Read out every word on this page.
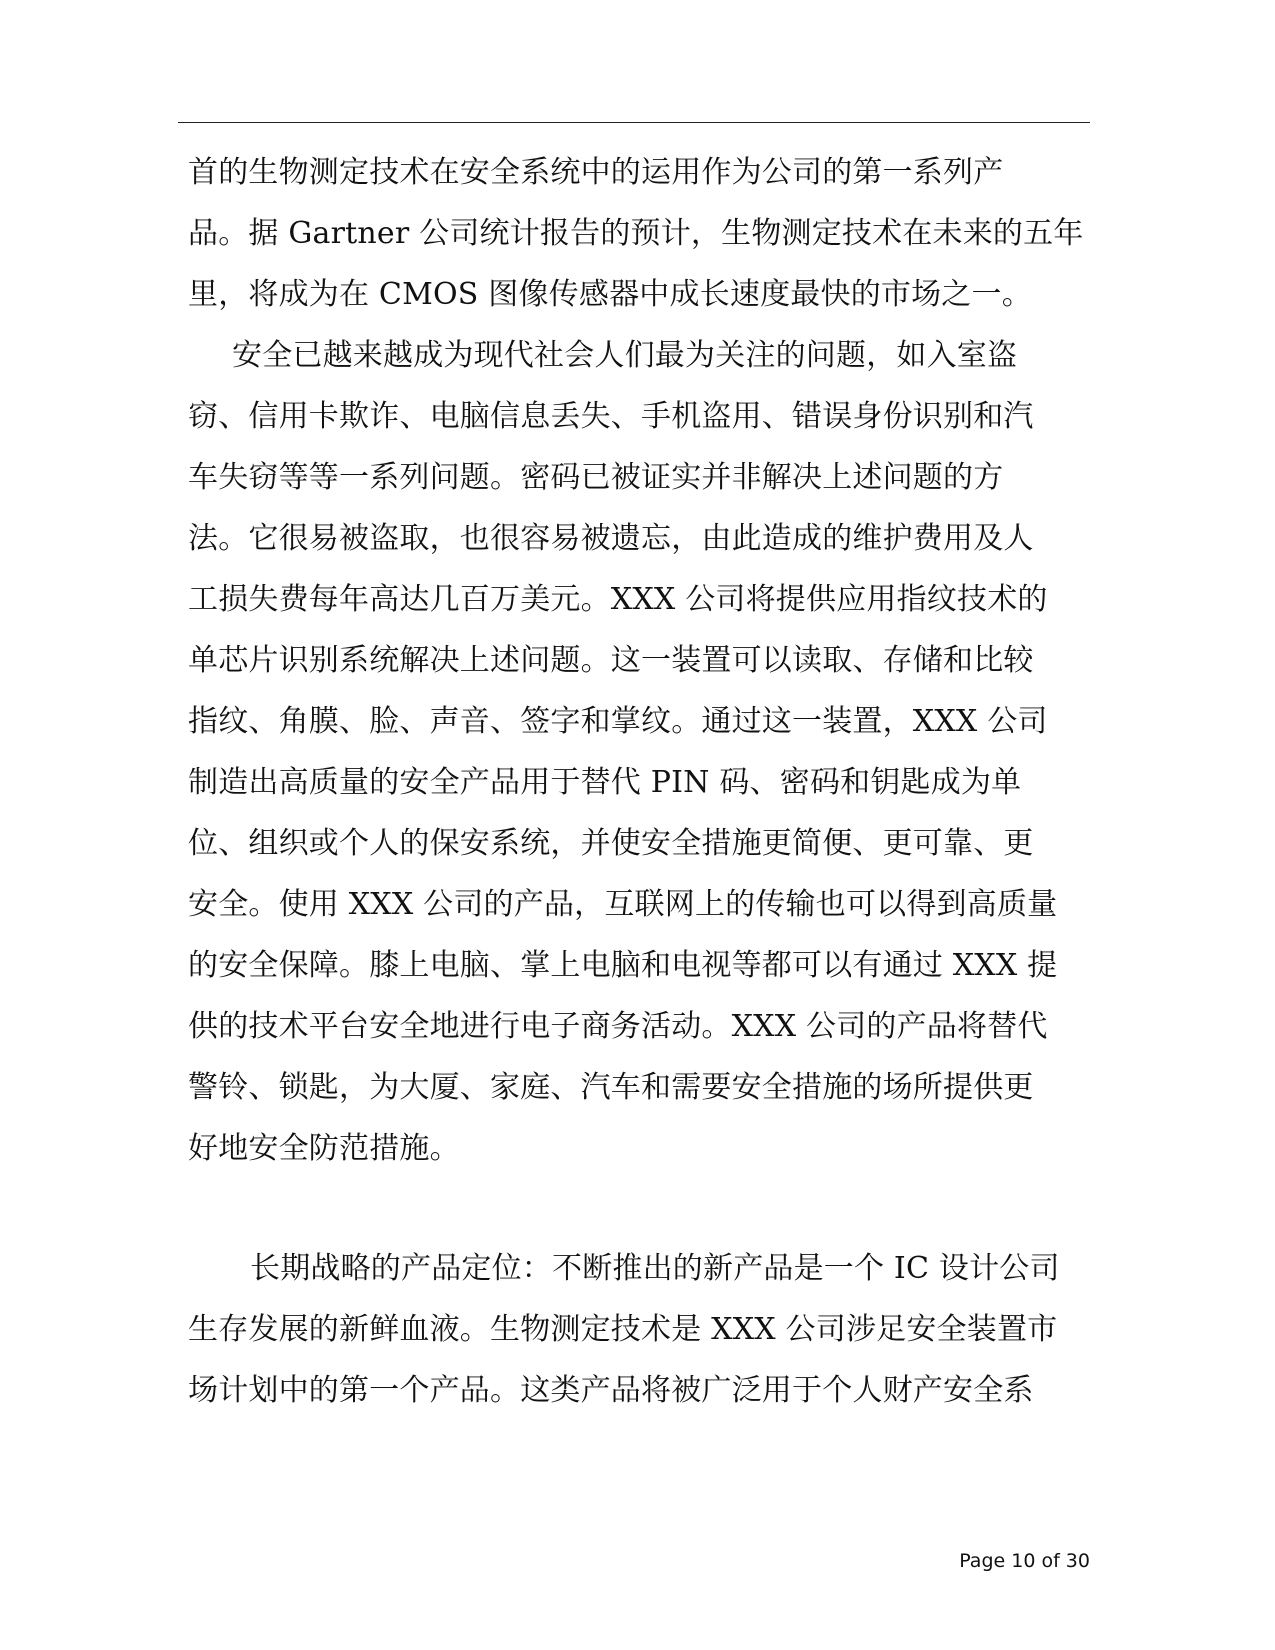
首的生物测定技术在安全系统中的运用作为公司的第一系列产
品。据 Gartner 公司统计报告的预计，生物测定技术在未来的五年
里，将成为在 CMOS 图像传感器中成长速度最快的市场之一。
安全已越来越成为现代社会人们最为关注的问题，如入室盗
窃、信用卡欺诈、电脑信息丢失、手机盗用、错误身份识别和汽
车失窃等等一系列问题。密码已被证实并非解决上述问题的方
法。它很易被盗取，也很容易被遗忘，由此造成的维护费用及人
工损失费每年高达几百万美元。XXX 公司将提供应用指纹技术的
单芯片识别系统解决上述问题。这一装置可以读取、存储和比较
指纹、角膜、脸、声音、签字和掌纹。通过这一装置，XXX 公司
制造出高质量的安全产品用于替代 PIN 码、密码和钥匙成为单
位、组织或个人的保安系统，并使安全措施更简便、更可靠、更
安全。使用 XXX 公司的产品，互联网上的传输也可以得到高质量
的安全保障。膝上电脑、掌上电脑和电视等都可以有通过 XXX 提
供的技术平台安全地进行电子商务活动。XXX 公司的产品将替代
警铃、锁匙，为大厦、家庭、汽车和需要安全措施的场所提供更
好地安全防范措施。
长期战略的产品定位：不断推出的新产品是一个 IC 设计公司
生存发展的新鲜血液。生物测定技术是 XXX 公司涉足安全装置市
场计划中的第一个产品。这类产品将被广泛用于个人财产安全系
Page 10 of 30
